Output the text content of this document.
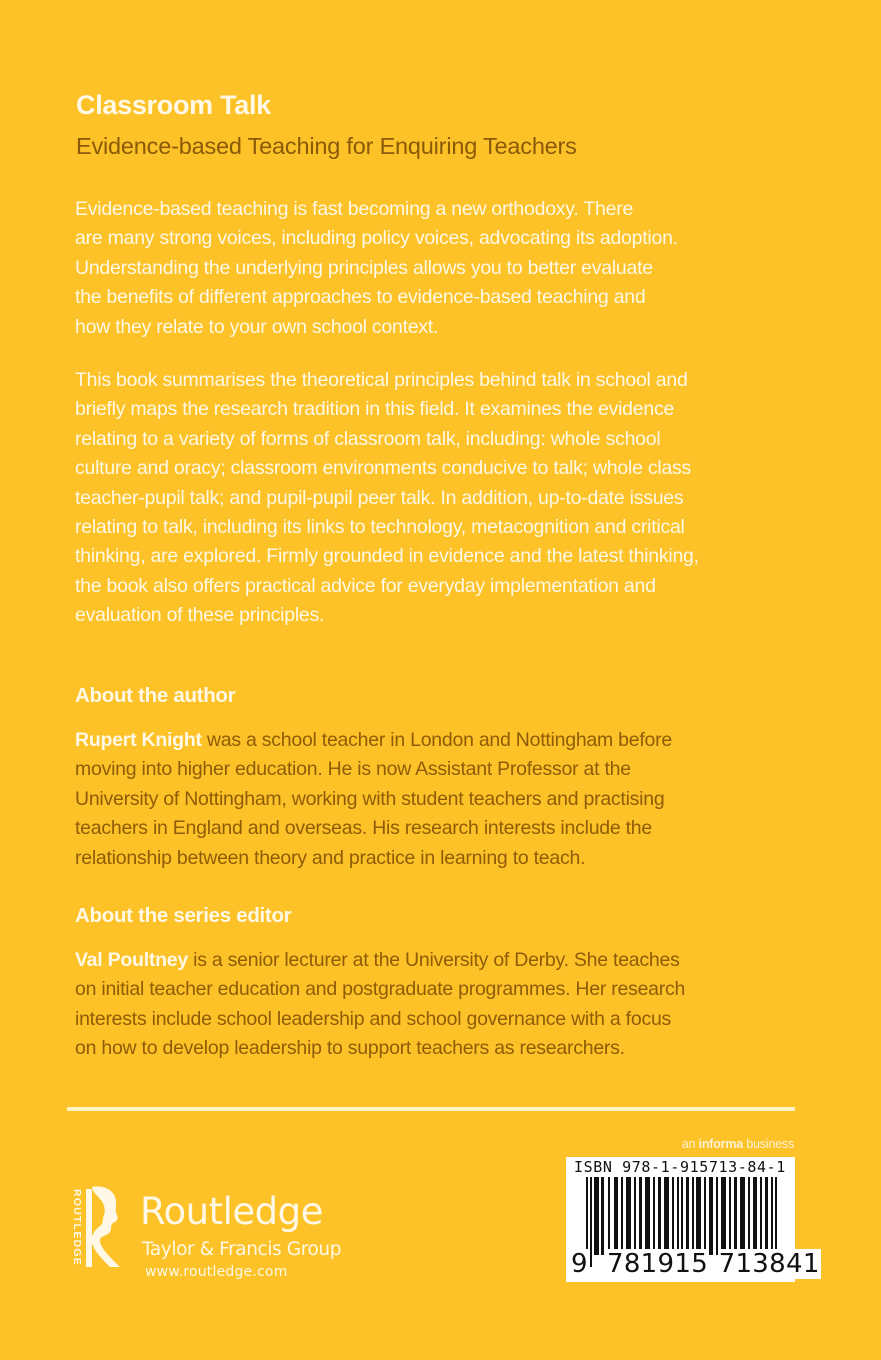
Classroom Talk
Evidence-based Teaching for Enquiring Teachers
Evidence-based teaching is fast becoming a new orthodoxy. There
are many strong voices, including policy voices, advocating its adoption.
Understanding the underlying principles allows you to better evaluate
the benefits of different approaches to evidence-based teaching and
how they relate to your own school context.
This book summarises the theoretical principles behind talk in school and
briefly maps the research tradition in this field. It examines the evidence
relating to a variety of forms of classroom talk, including: whole school
culture and oracy; classroom environments conducive to talk; whole class
teacher-pupil talk; and pupil-pupil peer talk. In addition, up-to-date issues
relating to talk, including its links to technology, metacognition and critical
thinking, are explored. Firmly grounded in evidence and the latest thinking,
the book also offers practical advice for everyday implementation and
evaluation of these principles.
About the author
Rupert Knight was a school teacher in London and Nottingham before
moving into higher education. He is now Assistant Professor at the
University of Nottingham, working with student teachers and practising
teachers in England and overseas. His research interests include the
relationship between theory and practice in learning to teach.
About the series editor
Val Poultney is a senior lecturer at the University of Derby. She teaches
on initial teacher education and postgraduate programmes. Her research
interests include school leadership and school governance with a focus
on how to develop leadership to support teachers as researchers.
an informa business
ISBN 978-1-915713-84-1
9 781915 713841
ROUTLEDGE
Routledge
Taylor & Francis Group
www.routledge.com
